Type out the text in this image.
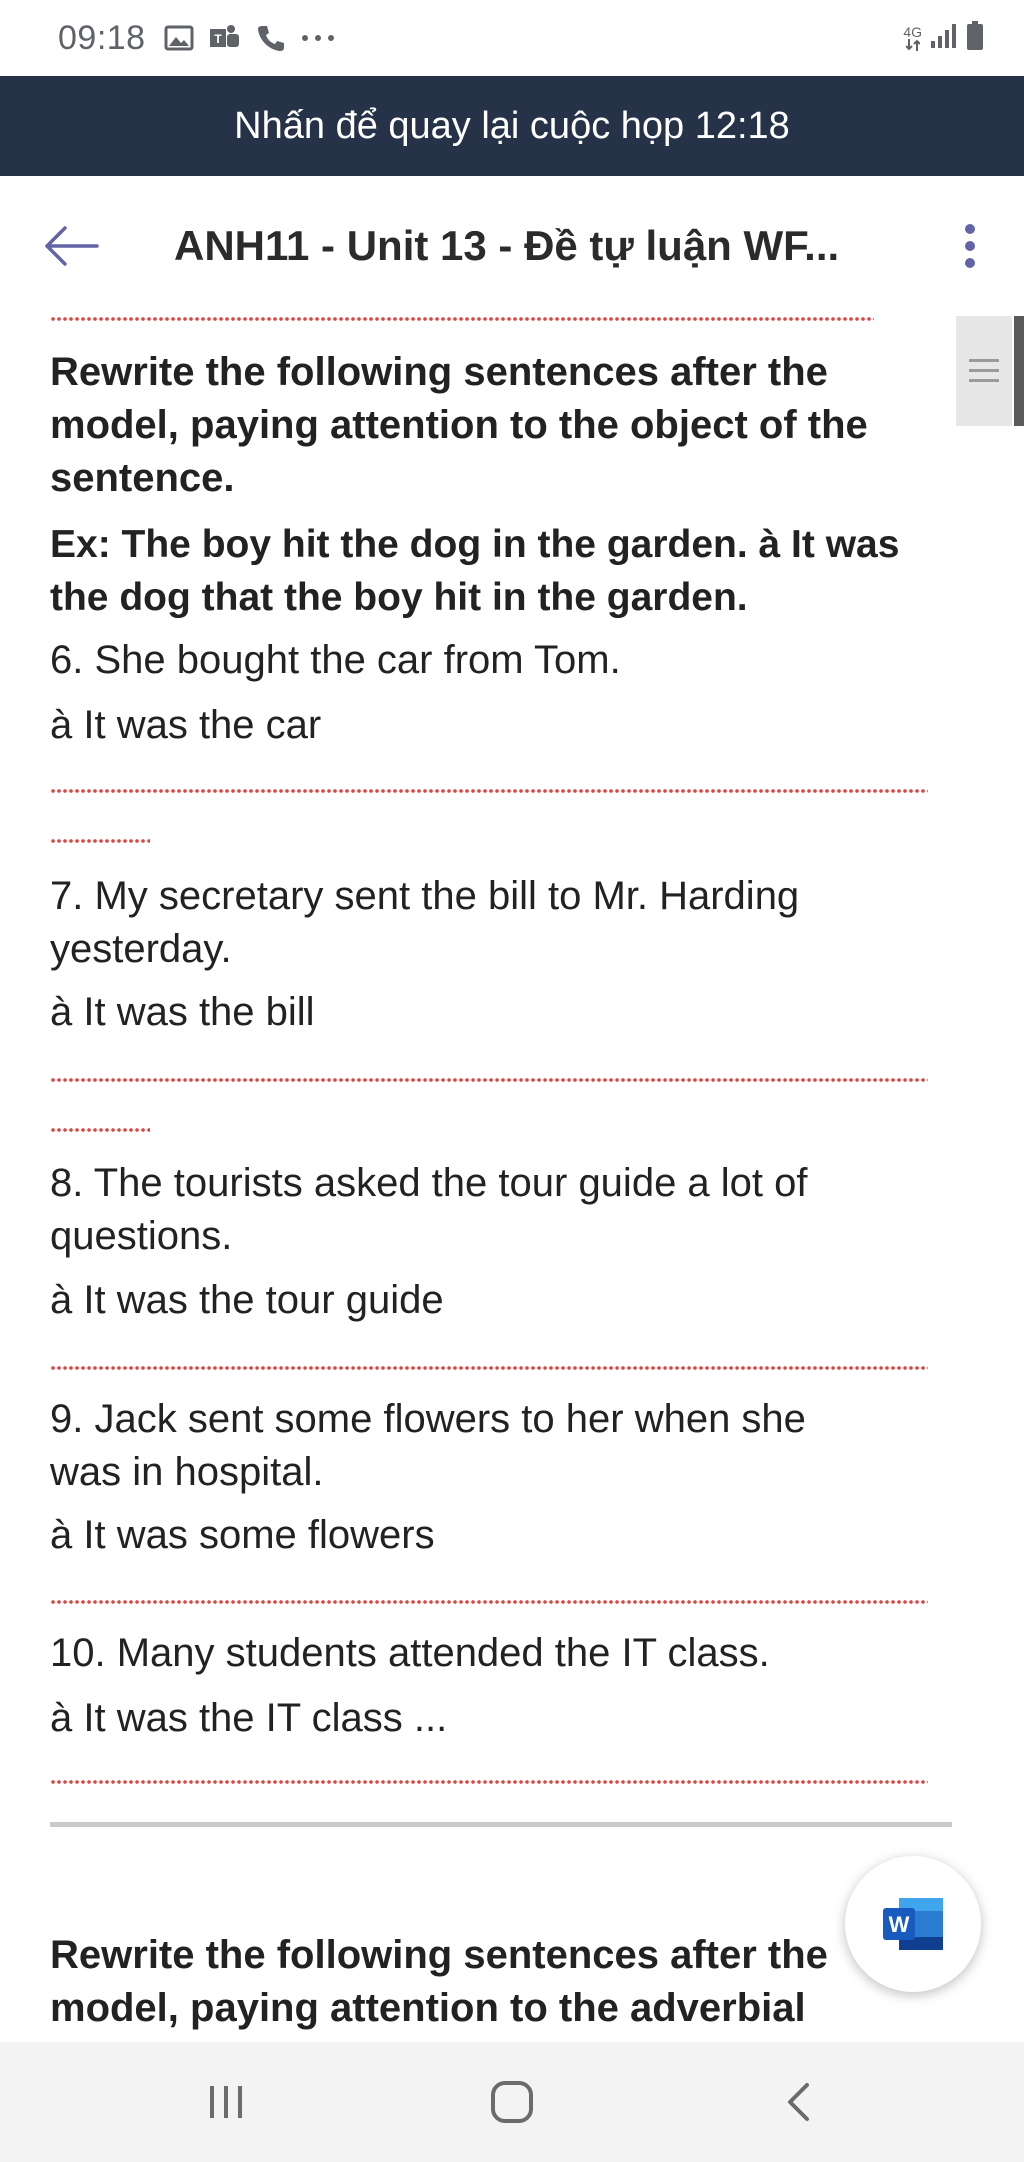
09:18	T	4G
Nhấn để quay lại cuộc họp 12:18
ANH11 - Unit 13 - Đề tự luận WF...
Rewrite the following sentences after the
model, paying attention to the object of the
sentence.
Ex: The boy hit the dog in the garden. à It was
the dog that the boy hit in the garden.
6. She bought the car from Tom.
à It was the car
7. My secretary sent the bill to Mr. Harding
yesterday.
à It was the bill
8. The tourists asked the tour guide a lot of
questions.
à It was the tour guide
9. Jack sent some flowers to her when she
was in hospital.
à It was some flowers
10. Many students attended the IT class.
à It was the IT class ...
Rewrite the following sentences after the
model, paying attention to the adverbial
W
